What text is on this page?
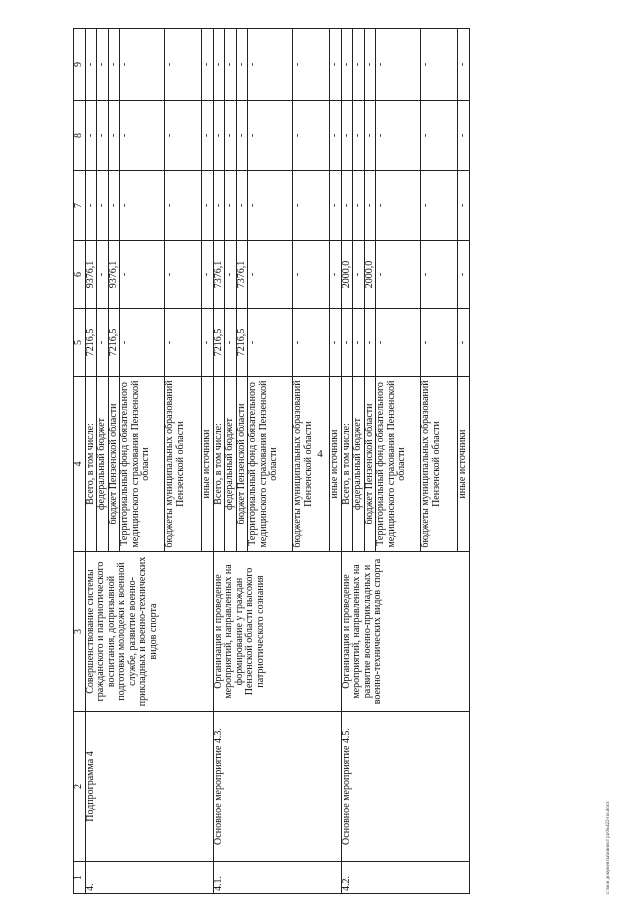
4
1	2	3	4	5	6	7	8	9
4.	Подпрограмма 4	Совершенствование системы гражданского и патриотического воспитания, допризывной подготовки молодежи к военной службе, развитие военно-прикладных и военно-технических видов спорта	Всего, в том числе:	7216,5	9376,1	-	-	-
			федеральный бюджет	-	-	-	-	-
			бюджет Пензенской области	7216,5	9376,1	-	-	-
			Территориальный фонд обязательного медицинского страхования Пензенской области	-	-	-	-	-
			бюджеты муниципальных образований Пензенской области	-	-	-	-	-
			иные источники	-	-	-	-	-
4.1.	Основное мероприятие 4.3.	Организация и проведение мероприятий, направленных на формирование у граждан Пензенской области высокого патриотического сознания	Всего, в том числе:	7216,5	7376,1	-	-	-
			федеральный бюджет	-	-	-	-	-
			бюджет Пензенской области	7216,5	7376,1	-	-	-
			Территориальный фонд обязательного медицинского страхования Пензенской области	-	-	-	-	-
			бюджеты муниципальных образований Пензенской области	-	-	-	-	-
			иные источники	-	-	-	-	-
4.2.	Основное мероприятие 4.5.	Организация и проведение мероприятий, направленных на развитие военно-прикладных и военно-технических видов спорта	Всего, в том числе:	-	2000,0	-	-	-
			федеральный бюджет	-	-	-	-	-
			бюджет Пензенской области	-	2000,0	-	-	-
			Территориальный фонд обязательного медицинского страхования Пензенской области	-	-	-	-	-
			бюджеты муниципальных образований Пензенской области	-	-	-	-	-
			иные источники	-	-	-	-	-
c:\мои документы\минист ра\№422-пп.docx
